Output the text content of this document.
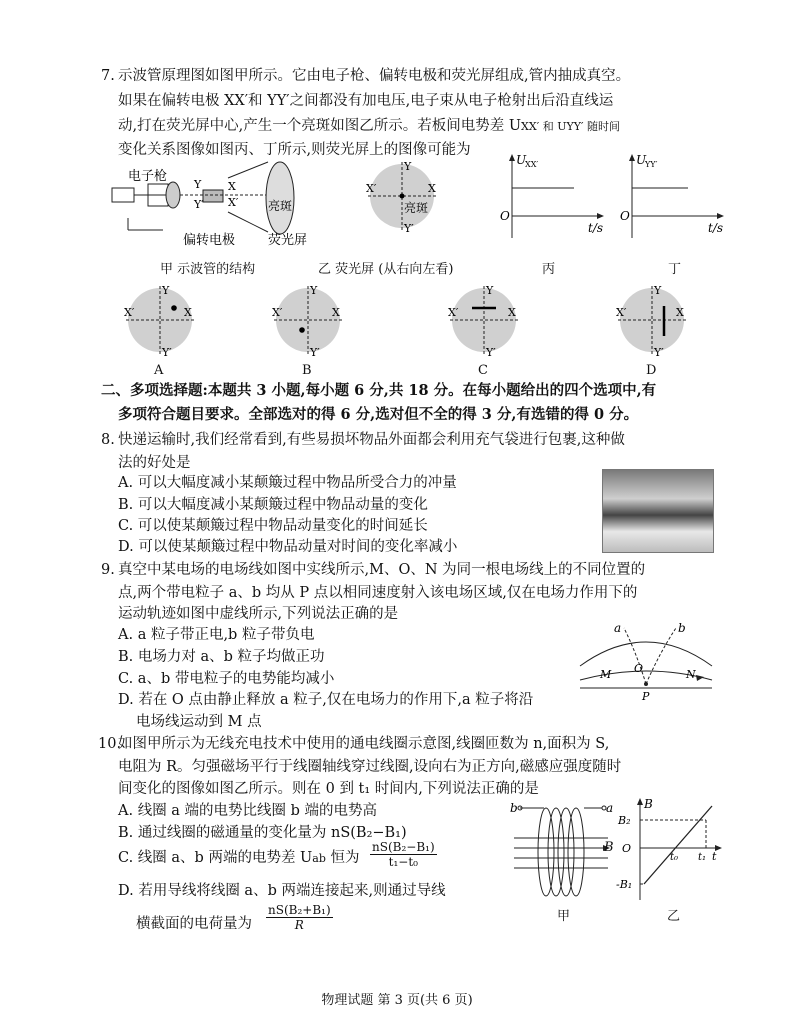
7. 示波管原理图如图甲所示。它由电子枪、偏转电极和荧光屏组成,管内抽成真空。
如果在偏转电极 XX′和 YY′之间都没有加电压,电子束从电子枪射出后沿直线运
动,打在荧光屏中心,产生一个亮斑如图乙所示。若板间电势差 UXX′ 和 UYY′ 随时间
变化关系图像如图丙、丁所示,则荧光屏上的图像可能为
电子枪
偏转电极	荧光屏
亮斑
X
X′
Y
Y′
甲 示波管的结构
X
X′
Y
Y′
亮斑
乙 荧光屏 (从右向左看)
U
XX′
O
t/s
丙
U
YY′
O
t/s
丁
X
X′
Y
Y′
X
X′
Y
Y′
X
X′
Y
Y′
X
X′
Y
Y′
A	B	C	D
二、多项选择题:本题共 3 小题,每小题 6 分,共 18 分。在每小题给出的四个选项中,有
多项符合题目要求。全部选对的得 6 分,选对但不全的得 3 分,有选错的得 0 分。
8. 快递运输时,我们经常看到,有些易损坏物品外面都会利用充气袋进行包裹,这种做
法的好处是
A. 可以大幅度减小某颠簸过程中物品所受合力的冲量
B. 可以大幅度减小某颠簸过程中物品动量的变化
C. 可以使某颠簸过程中物品动量变化的时间延长
D. 可以使某颠簸过程中物品动量对时间的变化率减小
9. 真空中某电场的电场线如图中实线所示,M、O、N 为同一根电场线上的不同位置的
点,两个带电粒子 a、b 均从 P 点以相同速度射入该电场区域,仅在电场力作用下的
运动轨迹如图中虚线所示,下列说法正确的是
A. a 粒子带正电,b 粒子带负电
B. 电场力对 a、b 粒子均做正功
C. a、b 带电粒子的电势能均减小
D. 若在 O 点由静止释放 a 粒子,仅在电场力的作用下,a 粒子将沿
电场线运动到 M 点
a	b
M O	N
P
10.
如图甲所示为无线充电技术中使用的通电线圈示意图,线圈匝数为 n,面积为 S,
电阻为 R。匀强磁场平行于线圈轴线穿过线圈,设向右为正方向,磁感应强度随时
间变化的图像如图乙所示。则在 0 到 t₁ 时间内,下列说法正确的是
A. 线圈 a 端的电势比线圈 b 端的电势高
B. 通过线圈的磁通量的变化量为 nS(B₂−B₁)
C. 线圈 a、b 两端的电势差 Uab 恒为 $\frac{\text{nS(B₂−B₁)}}{\text{t₁−t₀}}$
D. 若用导线将线圈 a、b 两端连接起来,则通过导线
横截面的电荷量为 $\frac{\text{nS(B₂+B₁)}}{R}$
b	a
B
甲
B
B₂
O
-B₁
t₀ t₁ t
乙
物理试题 第 3 页(共 6 页)
